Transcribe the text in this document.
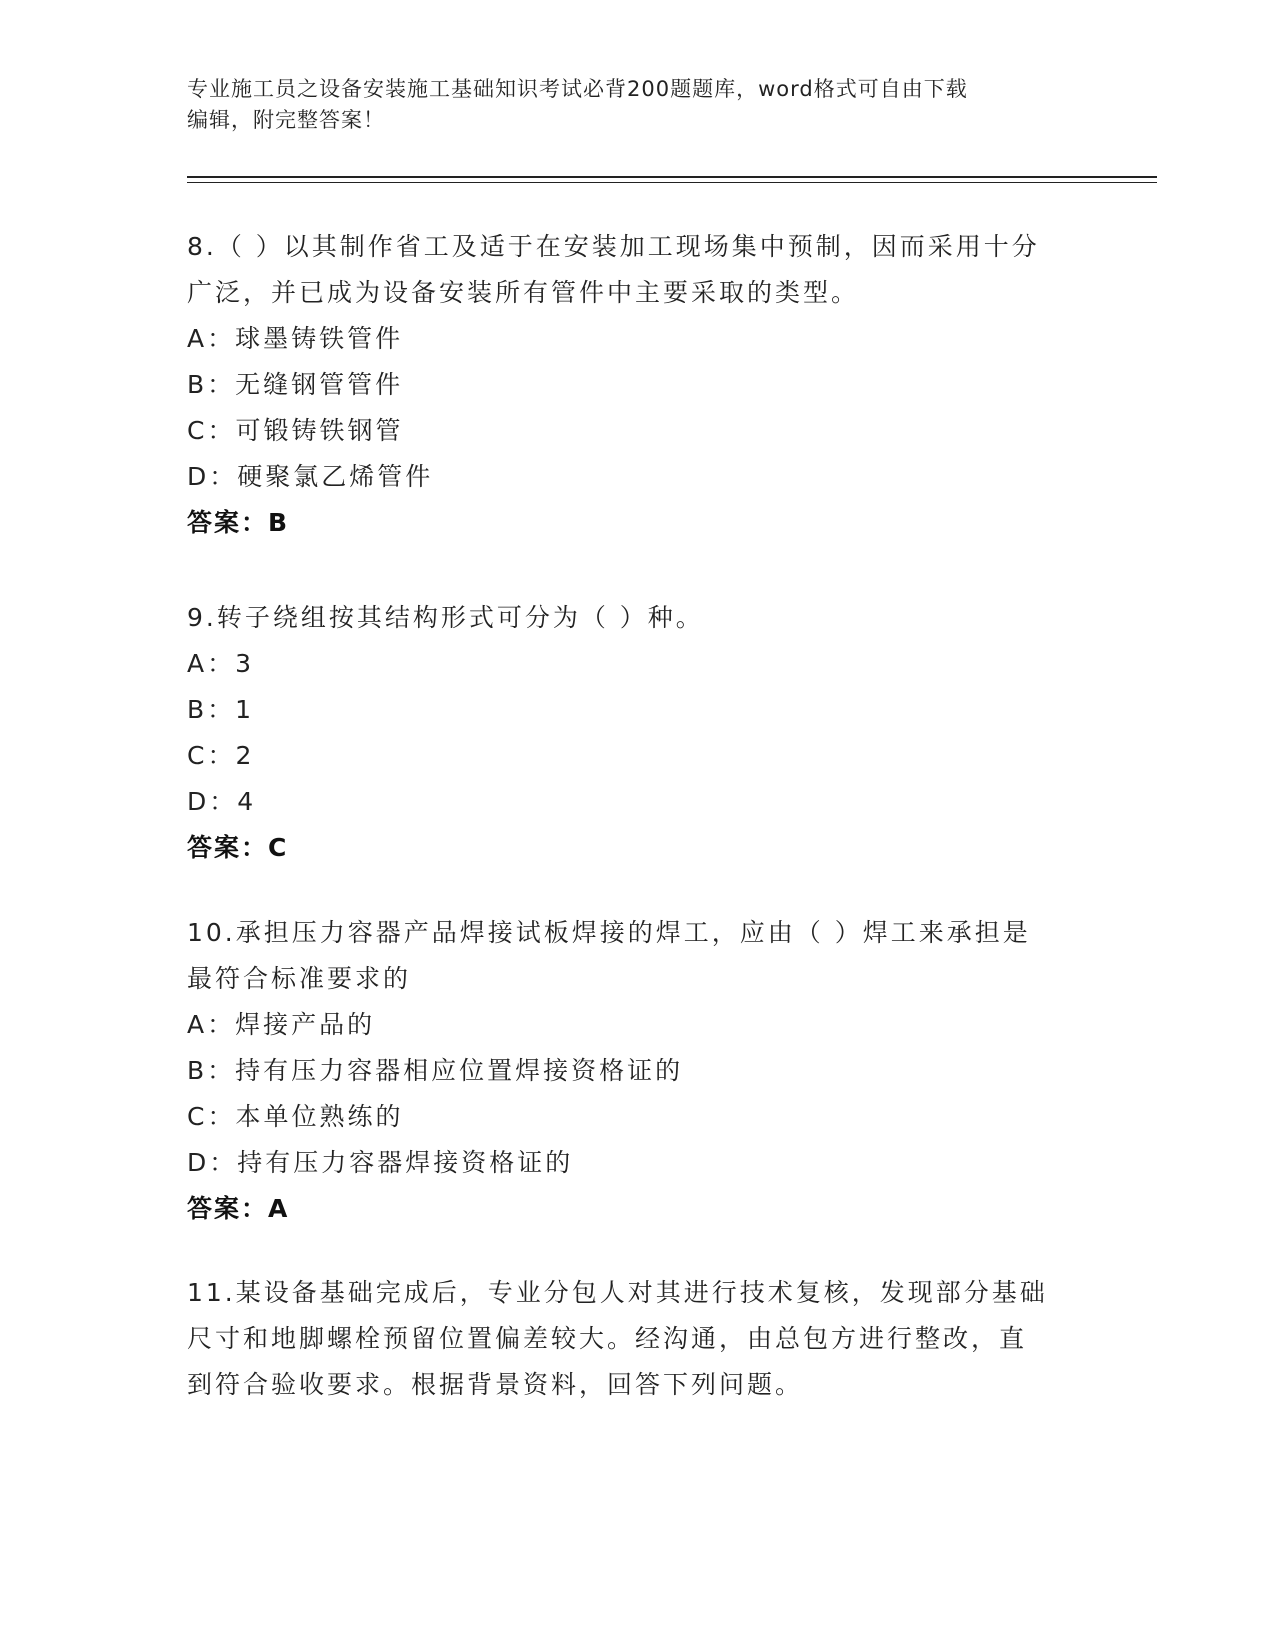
专业施工员之设备安装施工基础知识考试必背200题题库，word格式可自由下载
编辑，附完整答案！
8.（ ）以其制作省工及适于在安装加工现场集中预制，因而采用十分
广泛，并已成为设备安装所有管件中主要采取的类型。
A：球墨铸铁管件
B：无缝钢管管件
C：可锻铸铁钢管
D：硬聚氯乙烯管件
答案：B
9.转子绕组按其结构形式可分为（ ）种。
A：3
B：1
C：2
D：4
答案：C
10.承担压力容器产品焊接试板焊接的焊工，应由（ ）焊工来承担是
最符合标准要求的
A：焊接产品的
B：持有压力容器相应位置焊接资格证的
C：本单位熟练的
D：持有压力容器焊接资格证的
答案：A
11.某设备基础完成后，专业分包人对其进行技术复核，发现部分基础
尺寸和地脚螺栓预留位置偏差较大。经沟通，由总包方进行整改，直
到符合验收要求。根据背景资料，回答下列问题。
